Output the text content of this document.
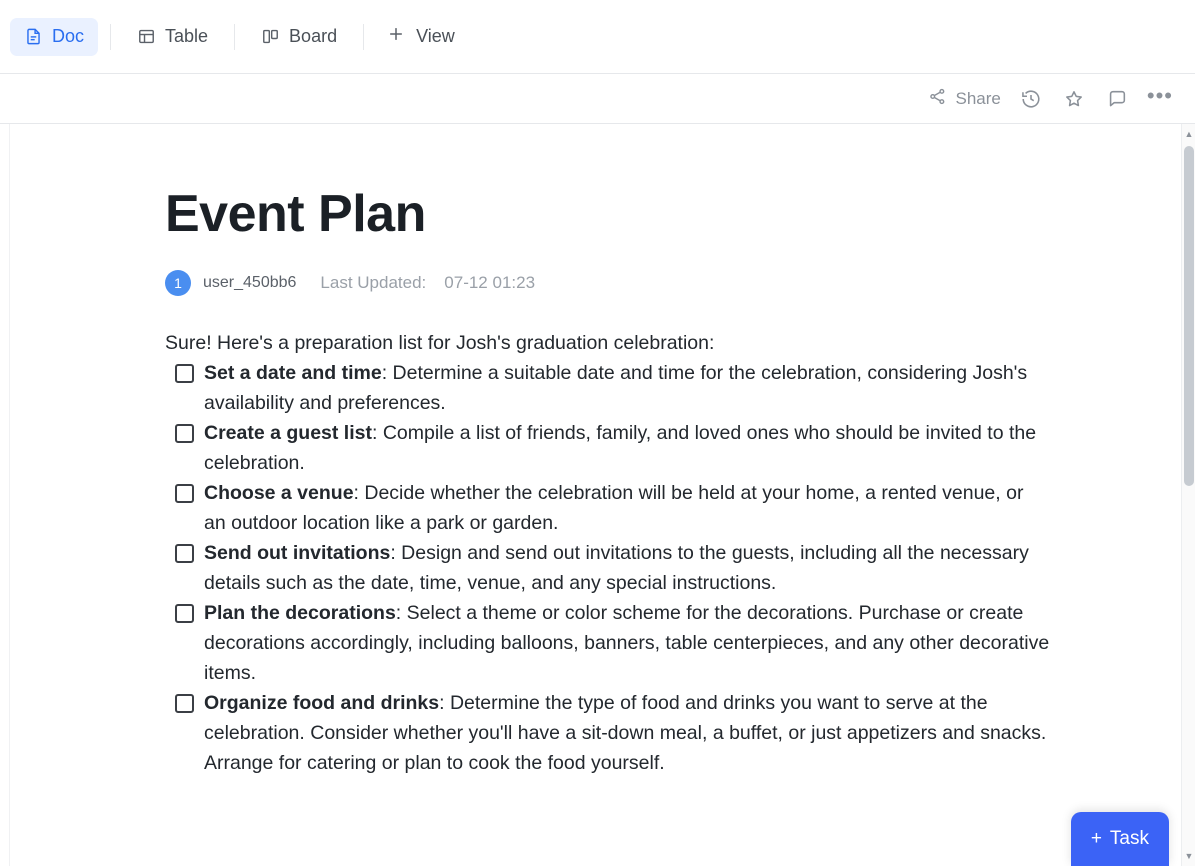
Doc	Table	Board	View
Share	•••
Event Plan
1	user_450bb6 Last Updated: 07-12 01:23
Sure! Here's a preparation list for Josh's graduation celebration:
Set a date and time: Determine a suitable date and time for the celebration, considering Josh's availability and preferences.
Create a guest list: Compile a list of friends, family, and loved ones who should be invited to the celebration.
Choose a venue: Decide whether the celebration will be held at your home, a rented venue, or an outdoor location like a park or garden.
Send out invitations: Design and send out invitations to the guests, including all the necessary details such as the date, time, venue, and any special instructions.
Plan the decorations: Select a theme or color scheme for the decorations. Purchase or create decorations accordingly, including balloons, banners, table centerpieces, and any other decorative items.
Organize food and drinks: Determine the type of food and drinks you want to serve at the celebration. Consider whether you'll have a sit-down meal, a buffet, or just appetizers and snacks. Arrange for catering or plan to cook the food yourself.
▲
▼
+ Task
